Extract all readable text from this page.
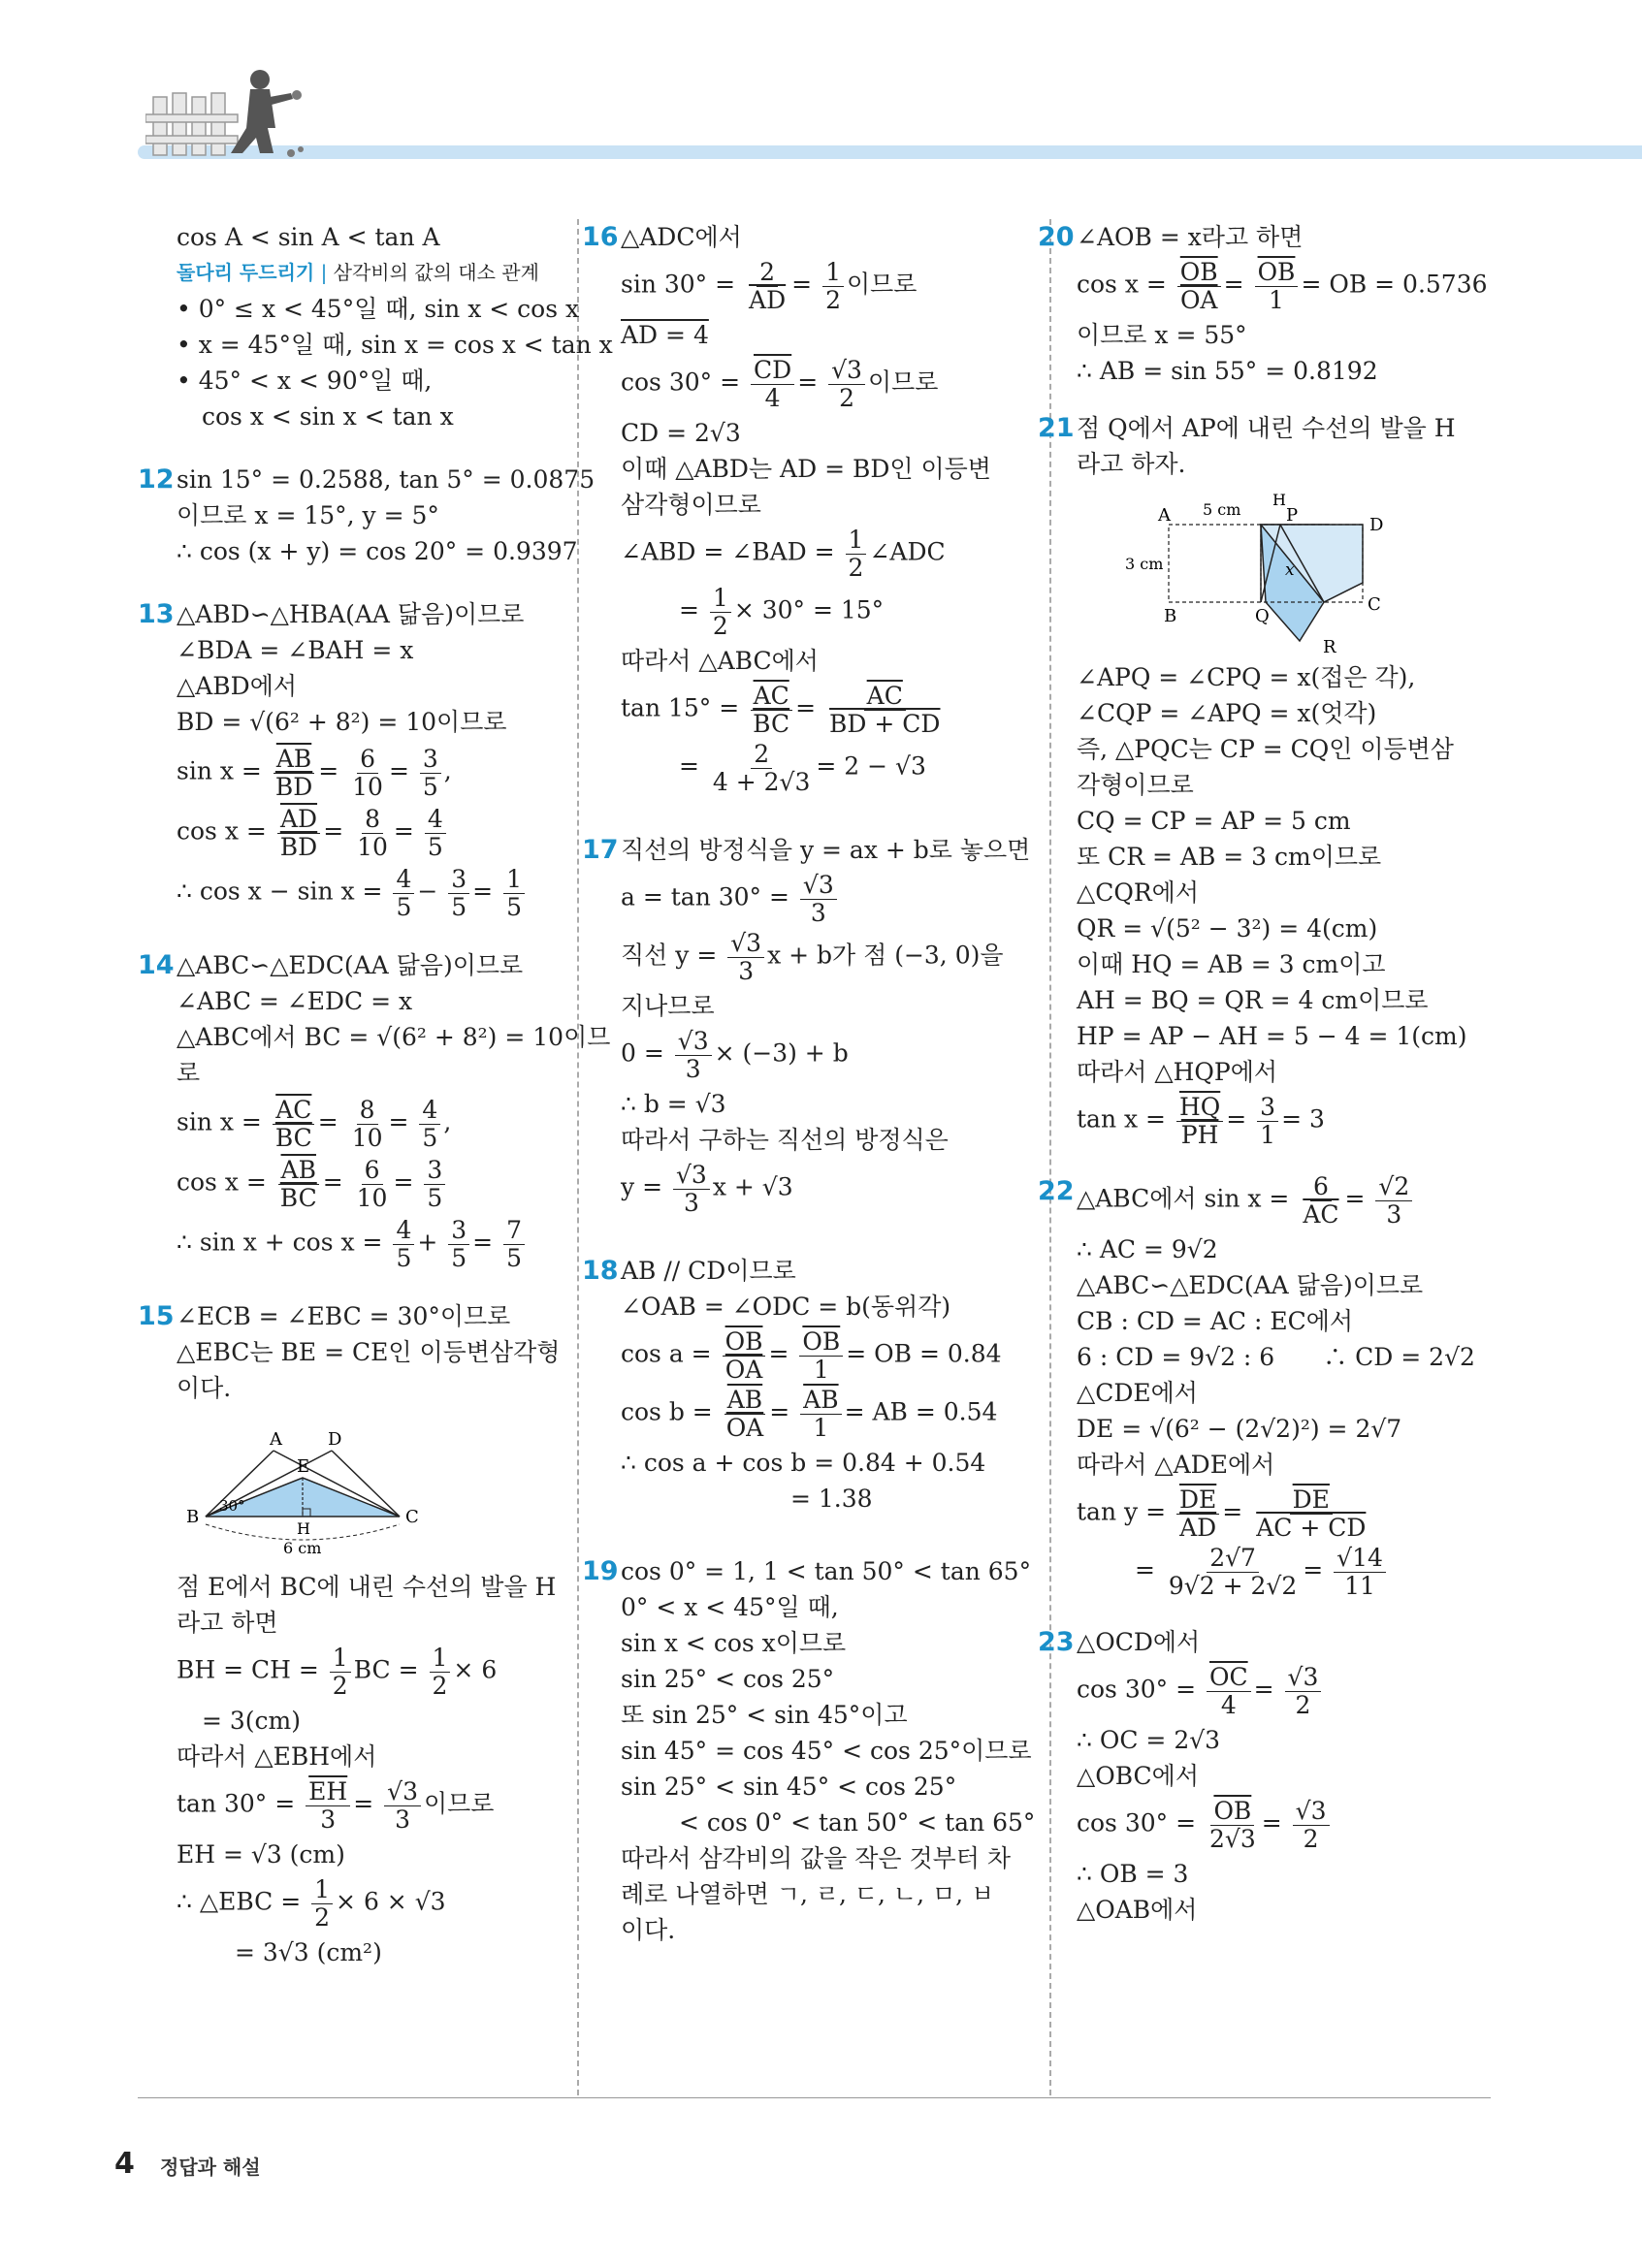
cos A < sin A < tan A
돌다리 두드리기 | 삼각비의 값의 대소 관계
• 0° ≤ x < 45°일 때, sin x < cos x
• x = 45°일 때, sin x = cos x < tan x
• 45° < x < 90°일 때,
cos x < sin x < tan x
12 sin 15° = 0.2588, tan 5° = 0.0875
이므로 x = 15°, y = 5°
∴ cos (x + y) = cos 20° = 0.9397
13 △ABD∽△HBA(AA 닮음)이므로
∠BDA = ∠BAH = x
△ABD에서
BD = √(6² + 8²) = 10이므로
$\sin x = \frac{\overline{AB}}{BD} = \frac{6}{10} = \frac{3}{5}$ ,
$\cos x = \frac{\overline{AD}}{BD} = \frac{8}{10} = \frac{4}{5}$
∴ $\cos x - \sin x = \frac{4}{5} - \frac{3}{5} = \frac{1}{5}$
14 △ABC∽△EDC(AA 닮음)이므로
∠ABC = ∠EDC = x
△ABC에서 BC = √(6² + 8²) = 10이므
로
$\sin x = \frac{\overline{AC}}{BC} = \frac{8}{10} = \frac{4}{5}$ ,
$\cos x = \frac{\overline{AB}}{BC} = \frac{6}{10} = \frac{3}{5}$
∴ $\sin x + \cos x = \frac{4}{5} + \frac{3}{5} = \frac{7}{5}$
15 ∠ECB = ∠EBC = 30°이므로
△EBC는 BE = CE인 이등변삼각형
이다.
A	D
E
B	C
H
30°
6 cm
점 E에서 BC에 내린 수선의 발을 H
라고 하면
BH = CH = $\frac{1}{2}$ BC = $\frac{1}{2} \times 6$
= 3(cm)
따라서 △EBH에서
$\tan 30^\circ = \frac{\overline{EH}}{3} = \frac{√3}{3}$ 이므로
EH = √3 (cm)
∴ △EBC = $\frac{1}{2} \times 6 \times √3$
= 3√3 (cm²)
16 △ADC에서
$\sin 30^\circ = \frac{2}{AD} = \frac{1}{2}$ 이므로
AD = 4
$\cos 30^\circ = \frac{\overline{CD}}{4} = \frac{√3}{2}$ 이므로
CD = 2√3
이때 △ABD는 AD = BD인 이등변
삼각형이므로
∠ABD = ∠BAD = $\frac{1}{2}$ ∠ADC
= $\frac{1}{2} \times 30^\circ = 15^\circ$
따라서 △ABC에서
$\tan 15^\circ = \frac{\overline{AC}}{BC} = \frac{\overline{AC}}{BD + CD}$
= $\frac{2}{4 + 2√3} = 2 - √3$
17 직선의 방정식을 y = ax + b로 놓으면
$a = \tan 30^\circ = \frac{√3}{3}$
직선 $y = \frac{√3}{3}$ x + b가 점 (−3, 0)을
지나므로
$0 = \frac{√3}{3} \times (-3) + b$
∴ b = √3
따라서 구하는 직선의 방정식은
$y = \frac{√3}{3}$ x + √3
18 AB // CD이므로
∠OAB = ∠ODC = b(동위각)
$\cos a = \frac{\overline{OB}}{OA} = \frac{\overline{OB}}{1}$ = OB = 0.84
$\cos b = \frac{\overline{AB}}{OA} = \frac{\overline{AB}}{1}$ = AB = 0.54
∴ cos a + cos b = 0.84 + 0.54
= 1.38
19 cos 0° = 1, 1 < tan 50° < tan 65°
0° < x < 45°일 때,
sin x < cos x이므로
sin 25° < cos 25°
또 sin 25° < sin 45°이고
sin 45° = cos 45° < cos 25°이므로
sin 25° < sin 45° < cos 25°
< cos 0° < tan 50° < tan 65°
따라서 삼각비의 값을 작은 것부터 차
례로 나열하면 ㄱ, ㄹ, ㄷ, ㄴ, ㅁ, ㅂ
이다.
20 ∠AOB = x라고 하면
$\cos x = \frac{\overline{OB}}{OA} = \frac{\overline{OB}}{1}$ = OB = 0.5736
이므로 x = 55°
∴ AB = sin 55° = 0.8192
21 점 Q에서 AP에 내린 수선의 발을 H
라고 하자.
A
H
P	D
B	Q
C
R
x
5 cm
3 cm
∠APQ = ∠CPQ = x(접은 각),
∠CQP = ∠APQ = x(엇각)
즉, △PQC는 CP = CQ인 이등변삼
각형이므로
CQ = CP = AP = 5 cm
또 CR = AB = 3 cm이므로
△CQR에서
QR = √(5² − 3²) = 4(cm)
이때 HQ = AB = 3 cm이고
AH = BQ = QR = 4 cm이므로
HP = AP − AH = 5 − 4 = 1(cm)
따라서 △HQP에서
$\tan x = \frac{\overline{HQ}}{PH} = \frac{3}{1} = 3$
22 △ABC에서 $\sin x = \frac{6}{AC} = \frac{√2}{3}$
∴ AC = 9√2
△ABC∽△EDC(AA 닮음)이므로
CB : CD = AC : EC에서
6 : CD = 9√2 : 6　　∴ CD = 2√2
△CDE에서
DE = √(6² − (2√2)²) = 2√7
따라서 △ADE에서
$\tan y = \frac{\overline{DE}}{AD} = \frac{\overline{DE}}{AC + CD}$
= $\frac{2√7}{9√2 + 2√2} = \frac{√14}{11}$
23 △OCD에서
$\cos 30^\circ = \frac{\overline{OC}}{4} = \frac{√3}{2}$
∴ OC = 2√3
△OBC에서
$\cos 30^\circ = \frac{\overline{OB}}{2√3} = \frac{√3}{2}$
∴ OB = 3
△OAB에서
4 정답과 해설
